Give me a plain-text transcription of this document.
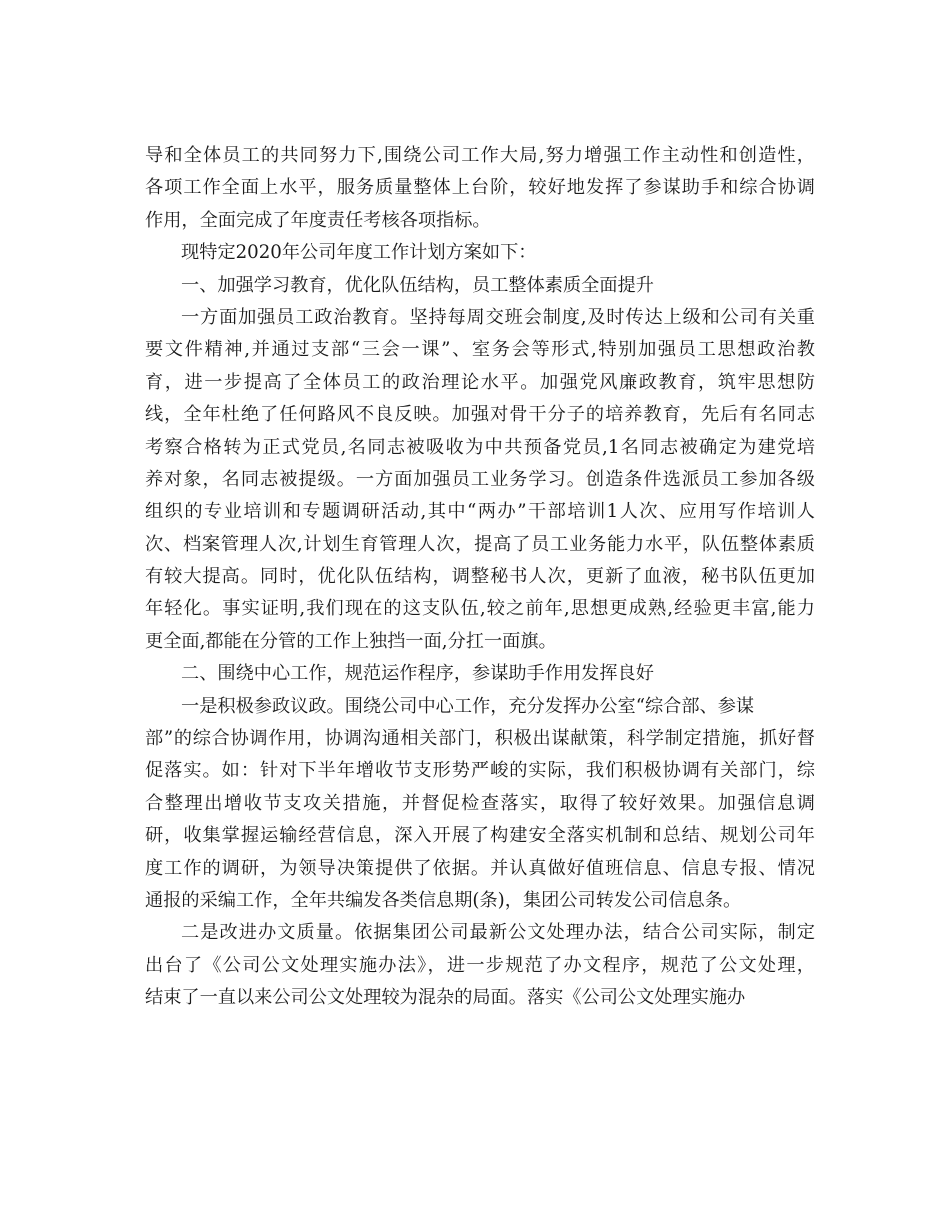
导和全体员工的共同努力下,围绕公司工作大局,努力增强工作主动性和创造性，
各项工作全面上水平，服务质量整体上台阶，较好地发挥了参谋助手和综合协调
作用，全面完成了年度责任考核各项指标。
现特定2020年公司年度工作计划方案如下：
一、加强学习教育，优化队伍结构，员工整体素质全面提升
一方面加强员工政治教育。坚持每周交班会制度,及时传达上级和公司有关重
要文件精神,并通过支部“三会一课”、室务会等形式,特别加强员工思想政治教
育，进一步提高了全体员工的政治理论水平。加强党风廉政教育，筑牢思想防
线，全年杜绝了任何路风不良反映。加强对骨干分子的培养教育，先后有名同志
考察合格转为正式党员,名同志被吸收为中共预备党员,1名同志被确定为建党培
养对象，名同志被提级。一方面加强员工业务学习。创造条件选派员工参加各级
组织的专业培训和专题调研活动,其中“两办”干部培训1人次、应用写作培训人
次、档案管理人次,计划生育管理人次，提高了员工业务能力水平，队伍整体素质
有较大提高。同时，优化队伍结构，调整秘书人次，更新了血液，秘书队伍更加
年轻化。事实证明,我们现在的这支队伍,较之前年,思想更成熟,经验更丰富,能力
更全面,都能在分管的工作上独挡一面,分扛一面旗。
二、围绕中心工作，规范运作程序，参谋助手作用发挥良好
一是积极参政议政。围绕公司中心工作，充分发挥办公室“综合部、参谋
部”的综合协调作用，协调沟通相关部门，积极出谋献策，科学制定措施，抓好督
促落实。如：针对下半年增收节支形势严峻的实际，我们积极协调有关部门，综
合整理出增收节支攻关措施，并督促检查落实，取得了较好效果。加强信息调
研，收集掌握运输经营信息，深入开展了构建安全落实机制和总结、规划公司年
度工作的调研，为领导决策提供了依据。并认真做好值班信息、信息专报、情况
通报的采编工作，全年共编发各类信息期(条)，集团公司转发公司信息条。
二是改进办文质量。依据集团公司最新公文处理办法，结合公司实际，制定
出台了《公司公文处理实施办法》，进一步规范了办文程序，规范了公文处理，
结束了一直以来公司公文处理较为混杂的局面。落实《公司公文处理实施办
